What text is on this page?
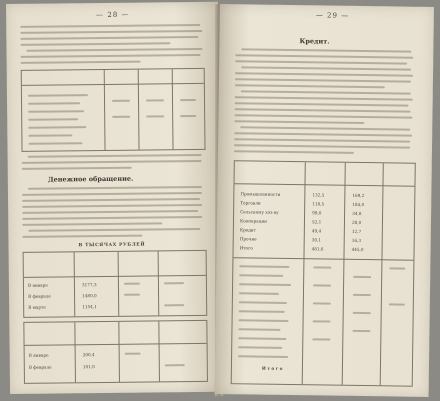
— 28 —
Денежное обращение.
В ТЫСЯЧАХ РУБЛЕЙ
В январе	3177,3
В феврале	1480,0
В марте	1154,1
В январе	200,4
В феврале	101,0
— 29 —
Кредит.
Промышленности	132,5	169,2
Торговли	118,5	184,0
Сельскому хоз-ву	99,0	34,8
Кооперации	52,1	28,0
Кредит	49,4	12,7
Прочие	30,1	16,3
Итого	481,6	445,0
И т о г о
